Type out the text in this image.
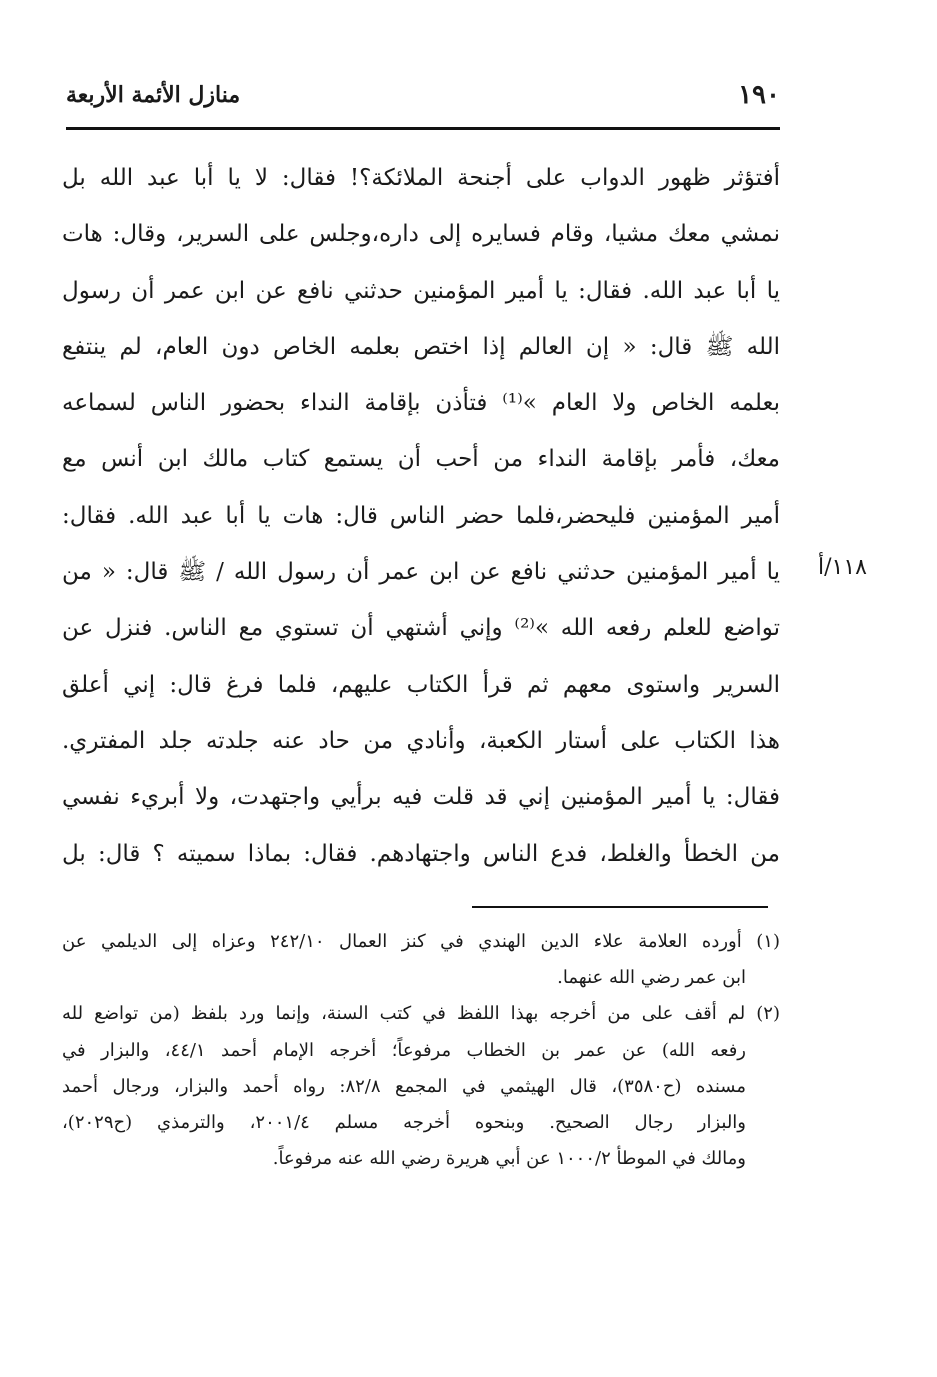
١٩٠
منازل الأئمة الأربعة
١١٨/أ
أفتؤثر ظهور الدواب على أجنحة الملائكة؟! فقال: لا يا أبا عبد الله بل
نمشي معك مشيا، وقام فسايره إلى داره،وجلس على السرير، وقال: هات
يا أبا عبد الله. فقال: يا أمير المؤمنين حدثني نافع عن ابن عمر أن رسول
الله ﷺ قال: « إن العالم إذا اختص بعلمه الخاص دون العام، لم ينتفع
بعلمه الخاص ولا العام »⁽¹⁾ فتأذن بإقامة النداء بحضور الناس لسماعه
معك، فأمر بإقامة النداء من أحب أن يستمع كتاب مالك ابن أنس مع
أمير المؤمنين فليحضر،فلما حضر الناس قال: هات يا أبا عبد الله. فقال:
يا أمير المؤمنين حدثني نافع عن ابن عمر أن رسول الله / ﷺ قال: « من
تواضع للعلم رفعه الله »⁽²⁾ وإني أشتهي أن تستوي مع الناس. فنزل عن
السرير واستوى معهم ثم قرأ الكتاب عليهم، فلما فرغ قال: إني أعلق
هذا الكتاب على أستار الكعبة، وأنادي من حاد عنه جلدته جلد المفتري.
فقال: يا أمير المؤمنين إني قد قلت فيه برأيي واجتهدت، ولا أبريء نفسي
من الخطأ والغلط، فدع الناس واجتهادهم. فقال: بماذا سميته ؟ قال: بل
(١) أورده العلامة علاء الدين الهندي في كنز العمال ٢٤٢/١٠ وعزاه إلى الديلمي عن
ابن عمر رضي الله عنهما.
(٢) لم أقف على من أخرجه بهذا اللفظ في كتب السنة، وإنما ورد بلفظ (من تواضع لله
رفعه الله) عن عمر بن الخطاب مرفوعاً؛ أخرجه الإمام أحمد ٤٤/١، والبزار في
مسنده (ح٣٥٨٠)، قال الهيثمي في المجمع ٨٢/٨: رواه أحمد والبزار، ورجال أحمد
والبزار رجال الصحيح. وبنحوه أخرجه مسلم ٢٠٠١/٤، والترمذي (ح٢٠٢٩)،
ومالك في الموطأ ١٠٠٠/٢ عن أبي هريرة رضي الله عنه مرفوعاً.
